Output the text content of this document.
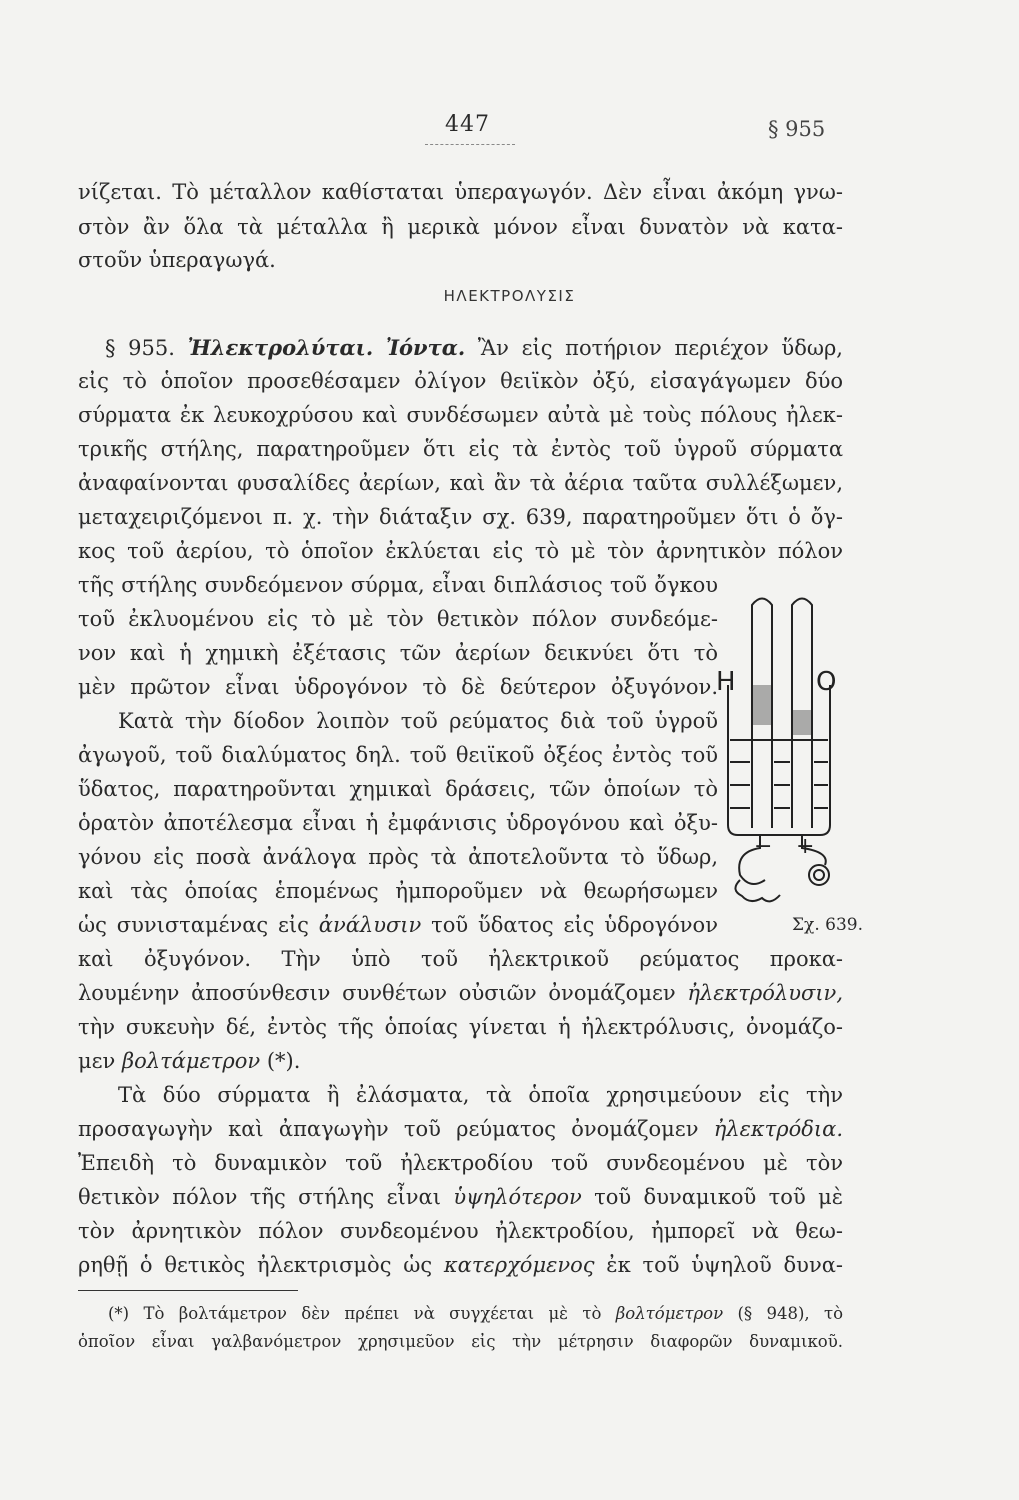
447	§ 955
νίζεται. Τὸ μέταλλον καθίσταται ὑπεραγωγόν. Δὲν εἶναι ἀκόμη γνω-
στὸν ἂν ὅλα τὰ μέταλλα ἢ μερικὰ μόνον εἶναι δυνατὸν νὰ κατα-
στοῦν ὑπεραγωγά.
ΗΛΕΚΤΡΟΛΥΣΙΣ
§ 955. Ἠλεκτρολύται. Ἰόντα. Ἂν εἰς ποτήριον περιέχον ὕδωρ,
εἰς τὸ ὁποῖον προσεθέσαμεν ὀλίγον θειϊκὸν ὀξύ, εἰσαγάγωμεν δύο
σύρματα ἐκ λευκοχρύσου καὶ συνδέσωμεν αὐτὰ μὲ τοὺς πόλους ἠλεκ-
τρικῆς στήλης, παρατηροῦμεν ὅτι εἰς τὰ ἐντὸς τοῦ ὑγροῦ σύρματα
ἀναφαίνονται φυσαλίδες ἀερίων, καὶ ἂν τὰ ἀέρια ταῦτα συλλέξωμεν,
μεταχειριζόμενοι π. χ. τὴν διάταξιν σχ. 639, παρατηροῦμεν ὅτι ὁ ὄγ-
κος τοῦ ἀερίου, τὸ ὁποῖον ἐκλύεται εἰς τὸ μὲ τὸν ἀρνητικὸν πόλον
τῆς στήλης συνδεόμενον σύρμα, εἶναι διπλάσιος τοῦ ὄγκου
τοῦ ἐκλυομένου εἰς τὸ μὲ τὸν θετικὸν πόλον συνδεόμε-
νον καὶ ἡ χημικὴ ἐξέτασις τῶν ἀερίων δεικνύει ὅτι τὸ
μὲν πρῶτον εἶναι ὑδρογόνον τὸ δὲ δεύτερον ὀξυγόνον.
Κατὰ τὴν δίοδον λοιπὸν τοῦ ρεύματος διὰ τοῦ ὑγροῦ
ἀγωγοῦ, τοῦ διαλύματος δηλ. τοῦ θειϊκοῦ ὀξέος ἐντὸς τοῦ
ὕδατος, παρατηροῦνται χημικαὶ δράσεις, τῶν ὁποίων τὸ
ὁρατὸν ἀποτέλεσμα εἶναι ἡ ἐμφάνισις ὑδρογόνου καὶ ὀξυ-
γόνου εἰς ποσὰ ἀνάλογα πρὸς τὰ ἀποτελοῦντα τὸ ὕδωρ,
καὶ τὰς ὁποίας ἑπομένως ἠμποροῦμεν νὰ θεωρήσωμεν
ὡς συνισταμένας εἰς ἀνάλυσιν τοῦ ὕδατος εἰς ὑδρογόνον
καὶ ὀξυγόνον. Τὴν ὑπὸ τοῦ ἠλεκτρικοῦ ρεύματος προκα-
λουμένην ἀποσύνθεσιν συνθέτων οὐσιῶν ὀνομάζομεν ἠλεκτρόλυσιν,
τὴν συκευὴν δέ, ἐντὸς τῆς ὁποίας γίνεται ἡ ἠλεκτρόλυσις, ὀνομάζο-
μεν βολτάμετρον (*).
Τὰ δύο σύρματα ἢ ἐλάσματα, τὰ ὁποῖα χρησιμεύουν εἰς τὴν
προσαγωγὴν καὶ ἀπαγωγὴν τοῦ ρεύματος ὀνομάζομεν ἠλεκτρόδια.
Ἐπειδὴ τὸ δυναμικὸν τοῦ ἠλεκτροδίου τοῦ συνδεομένου μὲ τὸν
θετικὸν πόλον τῆς στήλης εἶναι ὑψηλότερον τοῦ δυναμικοῦ τοῦ μὲ
τὸν ἀρνητικὸν πόλον συνδεομένου ἠλεκτροδίου, ἠμπορεῖ νὰ θεω-
ρηθῇ ὁ θετικὸς ἠλεκτρισμὸς ὡς κατερχόμενος ἐκ τοῦ ὑψηλοῦ δυνα-
H	O
− +
Σχ. 639.
(*) Τὸ βολτάμετρον δὲν πρέπει νὰ συγχέεται μὲ τὸ βολτόμετρον (§ 948), τὸ
ὁποῖον εἶναι γαλβανόμετρον χρησιμεῦον εἰς τὴν μέτρησιν διαφορῶν δυναμικοῦ.
